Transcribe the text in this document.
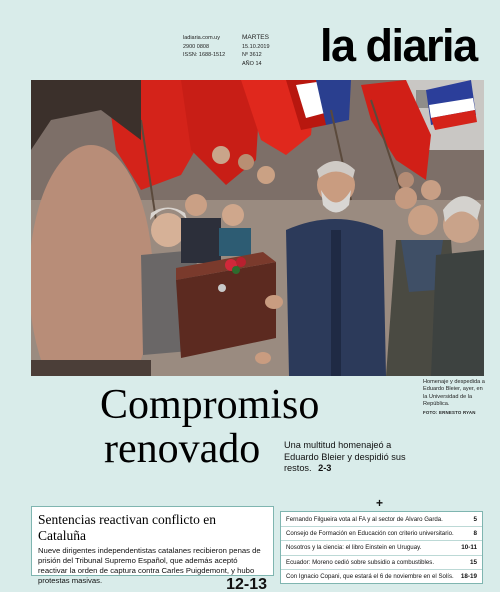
ladiaria.com.uy
2900 0808
ISSN: 1688-1512
MARTES
15.10.2019
Nº 3612
AÑO 14 la diaria
Homenaje y despedida a Eduardo Bleier, ayer, en la Universidad de la República.
FOTO: ERNESTO RYAN
Compromiso
renovado	Una multitud homenajeó a Eduardo Bleier y despidió sus restos. 2-3
Sentencias reactivan conflicto en Cataluña
Nueve dirigentes independentistas catalanes recibieron penas de prisión del Tribunal Supremo Español, que además aceptó reactivar la orden de captura contra Carles Puigdemont, y hubo protestas masivas.	12-13
+
Fernando Filgueira vota al FA y al sector de Álvaro Garda.	5
Consejo de Formación en Educación con criterio universitario.	8
Nosotros y la ciencia: el libro Einstein en Uruguay.	10-11
Ecuador: Moreno cedió sobre subsidio a combustibles.	15
Con Ignacio Copani, que estará el 6 de noviembre en el Solís. 18-19
